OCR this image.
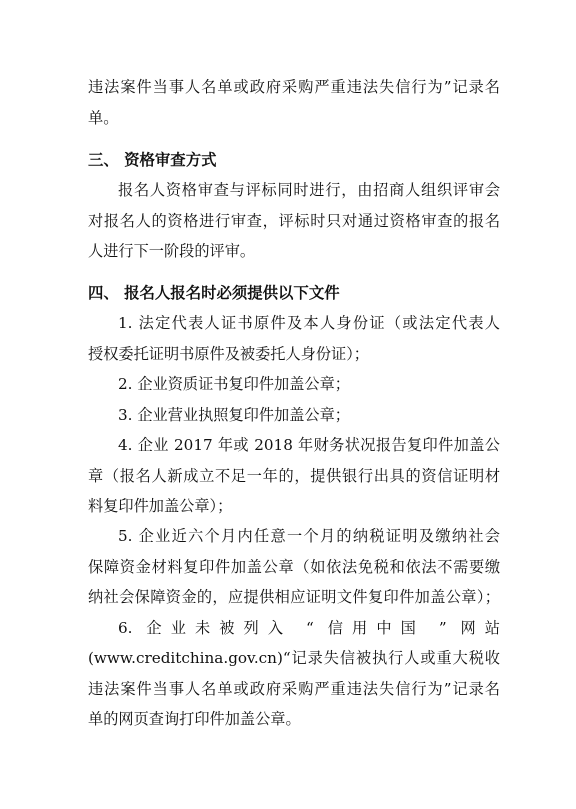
违法案件当事人名单或政府采购严重违法失信行为”记录名
单。
三、 资格审查方式
报名人资格审查与评标同时进行，由招商人组织评审会
对报名人的资格进行审查，评标时只对通过资格审查的报名
人进行下一阶段的评审。
四、 报名人报名时必须提供以下文件
1. 法定代表人证书原件及本人身份证（或法定代表人
授权委托证明书原件及被委托人身份证）；
2. 企业资质证书复印件加盖公章；
3. 企业营业执照复印件加盖公章；
4. 企业 2017 年或 2018 年财务状况报告复印件加盖公
章（报名人新成立不足一年的，提供银行出具的资信证明材
料复印件加盖公章）；
5. 企业近六个月内任意一个月的纳税证明及缴纳社会
保障资金材料复印件加盖公章（如依法免税和依法不需要缴
纳社会保障资金的，应提供相应证明文件复印件加盖公章）；
6. 企业未被列入 “ 信用中国 ” 网站
(www.creditchina.gov.cn)“记录失信被执行人或重大税收
违法案件当事人名单或政府采购严重违法失信行为”记录名
单的网页查询打印件加盖公章。
